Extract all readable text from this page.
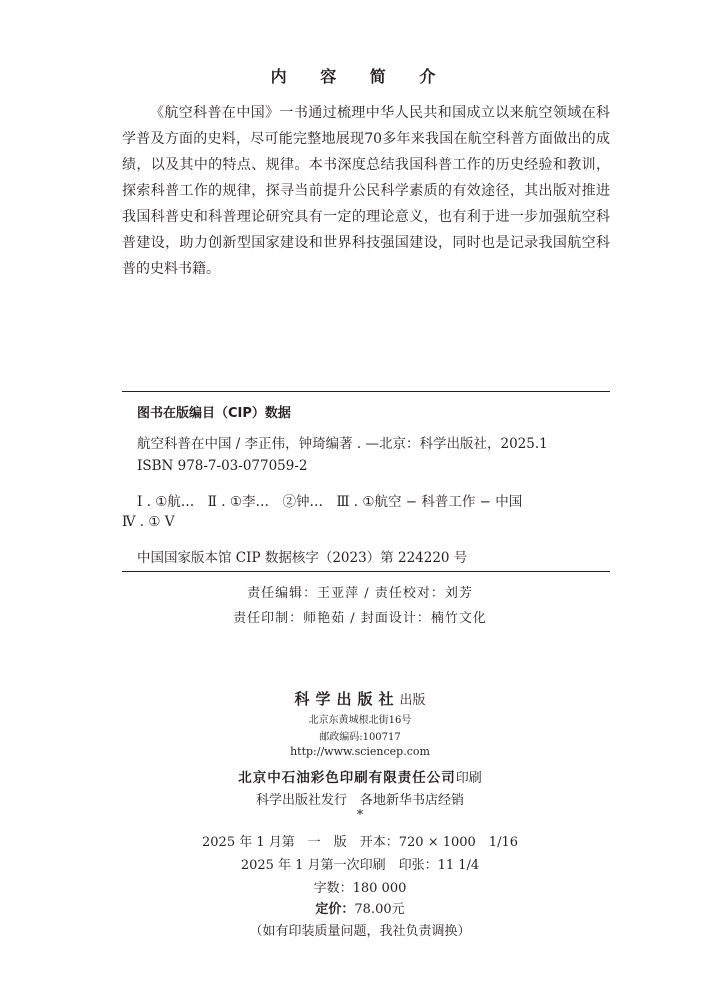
内 容 简 介
《航空科普在中国》一书通过梳理中华人民共和国成立以来航空领域在科学普及方面的史料，尽可能完整地展现70多年来我国在航空科普方面做出的成绩，以及其中的特点、规律。本书深度总结我国科普工作的历史经验和教训，探索科普工作的规律，探寻当前提升公民科学素质的有效途径，其出版对推进我国科普史和科普理论研究具有一定的理论意义，也有利于进一步加强航空科普建设，助力创新型国家建设和世界科技强国建设，同时也是记录我国航空科普的史料书籍。
图书在版编目（CIP）数据
航空科普在中国 / 李正伟，钟琦编著 . —北京：科学出版社，2025.1
ISBN 978-7-03-077059-2
Ⅰ . ①航…　Ⅱ . ①李…　②钟…　Ⅲ . ①航空 − 科普工作 − 中国
Ⅳ . ① V
中国国家版本馆 CIP 数据核字（2023）第 224220 号
责任编辑：王亚萍 / 责任校对：刘芳
责任印制：师艳茹 / 封面设计：楠竹文化
科学出版社出版
北京东黄城根北街16号
邮政编码:100717
http://www.sciencep.com
北京中石油彩色印刷有限责任公司印刷
科学出版社发行　各地新华书店经销
*
2025 年 1 月第　一　版　开本：720 × 1000　1/16
2025 年 1 月第一次印刷　印张：11 1/4
字数：180 000
定价：78.00元
（如有印装质量问题，我社负责调换）
